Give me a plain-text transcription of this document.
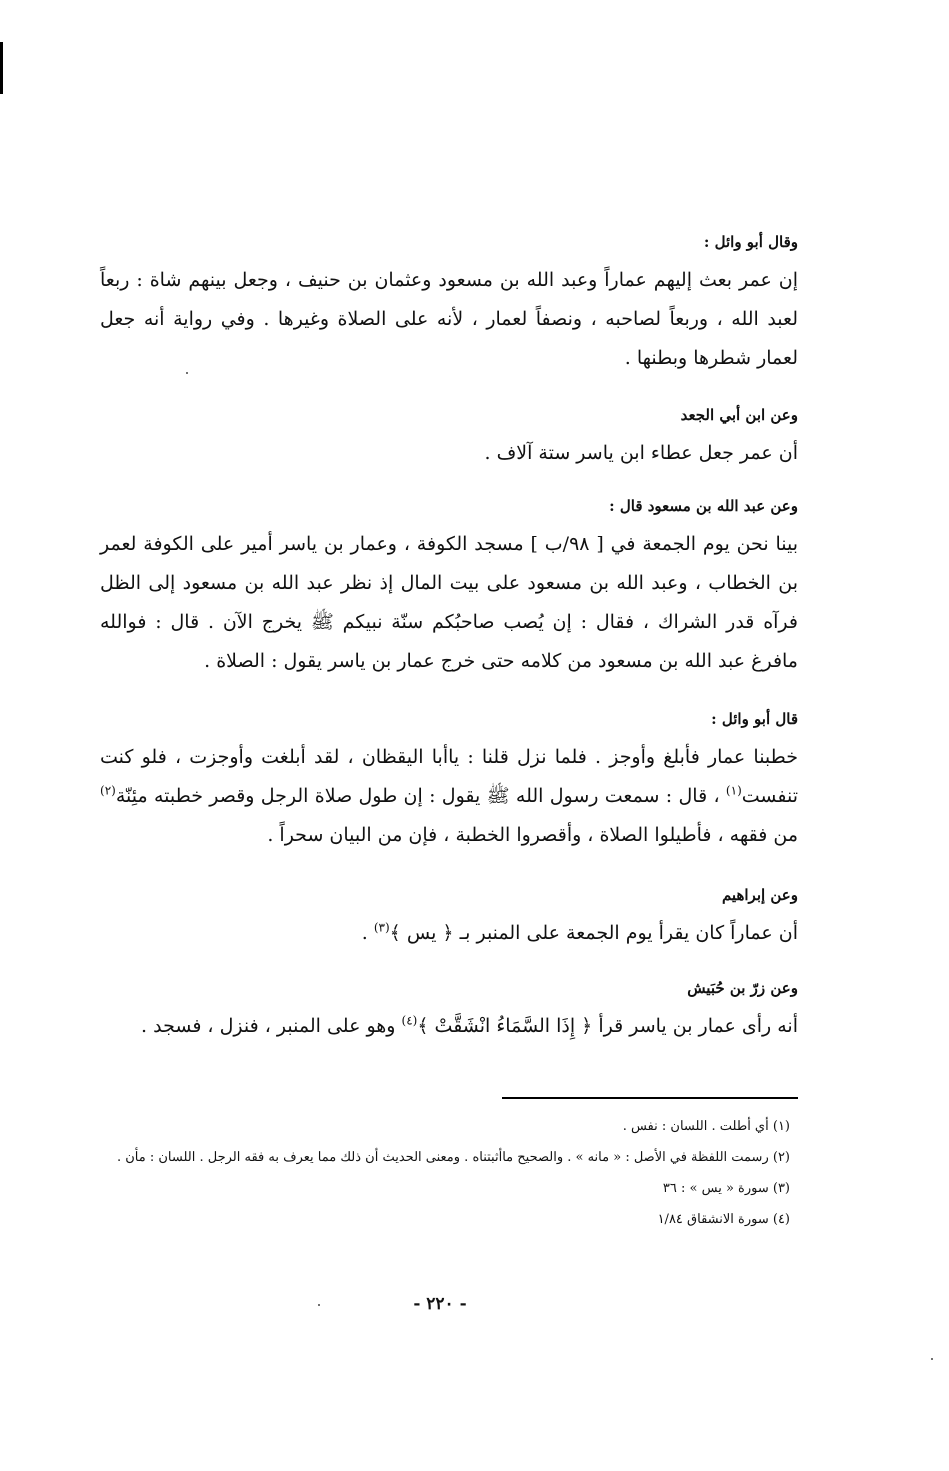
وقال أبو وائل :
إن عمر بعث إليهم عماراً وعبد الله بن مسعود وعثمان بن حنيف ، وجعل بينهم شاة : ربعاً لعبد الله ، وربعاً لصاحبه ، ونصفاً لعمار ، لأنه على الصلاة وغيرها . وفي رواية أنه جعل لعمار شطرها وبطنها .
وعن ابن أبي الجعد
أن عمر جعل عطاء ابن ياسر ستة آلاف .
وعن عبد الله بن مسعود قال :
بينا نحن يوم الجمعة في [ ٩٨/ب ] مسجد الكوفة ، وعمار بن ياسر أمير على الكوفة لعمر بن الخطاب ، وعبد الله بن مسعود على بيت المال إذ نظر عبد الله بن مسعود إلى الظل فرآه قدر الشراك ، فقال : إن يُصب صاحبُكم سنّة نبيكم ﷺ يخرج الآن . قال : فوالله مافرغ عبد الله بن مسعود من كلامه حتى خرج عمار بن ياسر يقول : الصلاة .
قال أبو وائل :
خطبنا عمار فأبلغ وأوجز . فلما نزل قلنا : ياأبا اليقظان ، لقد أبلغت وأوجزت ، فلو كنت تنفست$^{(١)}$ ، قال : سمعت رسول الله ﷺ يقول : إن طول صلاة الرجل وقصر خطبته مئِنّة$^{(٢)}$ من فقهه ، فأطيلوا الصلاة ، وأقصروا الخطبة ، فإن من البيان سحراً .
وعن إبراهيم
أن عماراً كان يقرأ يوم الجمعة على المنبر بـ ﴿ يس ﴾$^{(٣)}$ .
وعن زرّ بن حُبَيش
أنه رأى عمار بن ياسر قرأ ﴿ إِذَا السَّمَاءُ انْشَقَّتْ ﴾$^{(٤)}$ وهو على المنبر ، فنزل ، فسجد .
(١) أي أطلت . اللسان : نفس .
(٢) رسمت اللفظة في الأصل : « مانه » . والصحيح ماأثبتناه . ومعنى الحديث أن ذلك مما يعرف به فقه الرجل . اللسان : مأن .
(٣) سورة « يس » : ٣٦
(٤) سورة الانشقاق ١/٨٤
- ٢٢٠ -
